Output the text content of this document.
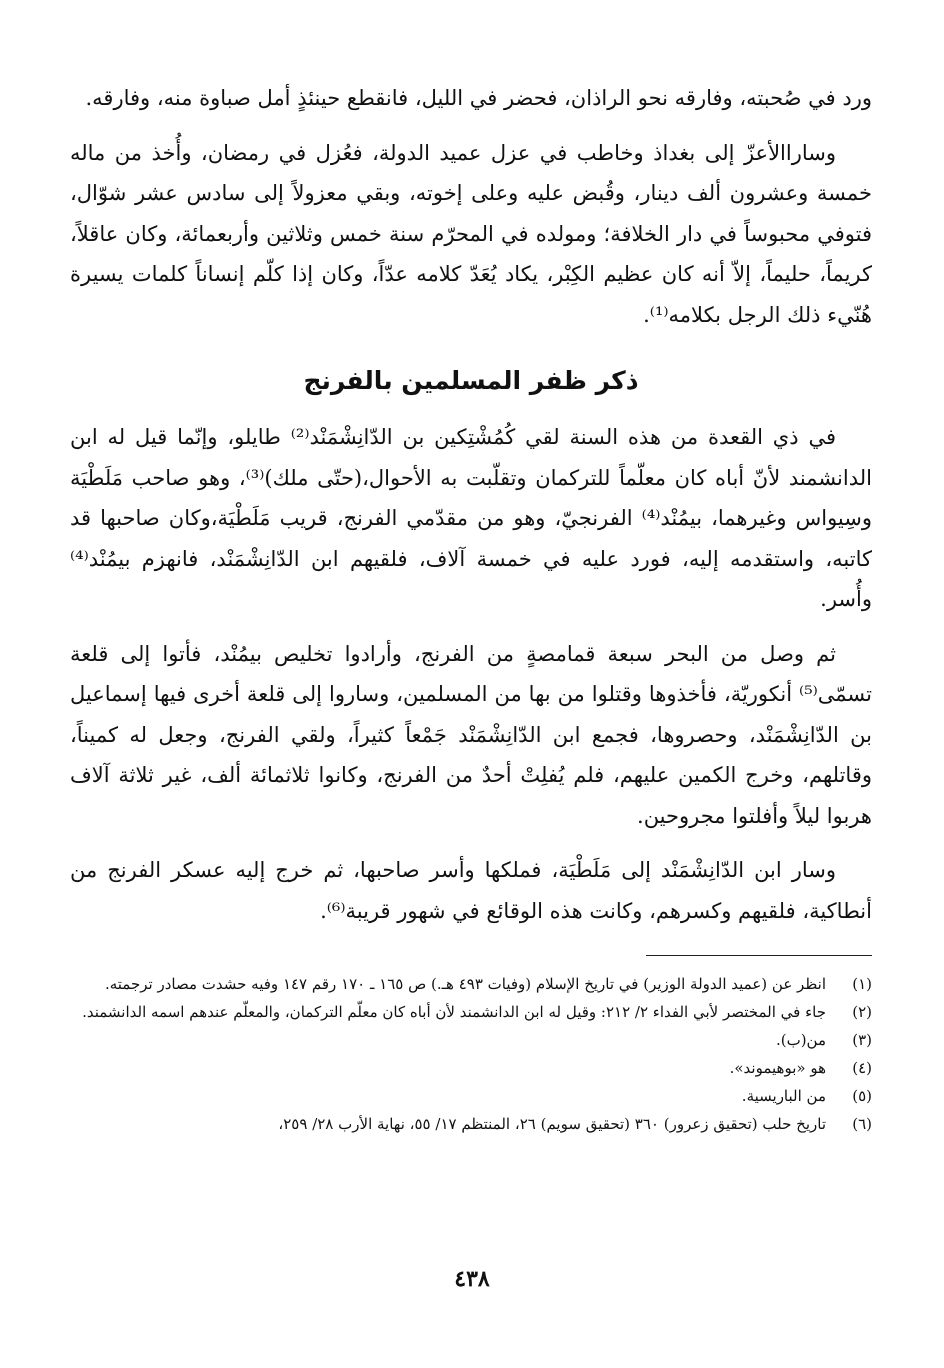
ورد في صُحبته، وفارقه نحو الراذان، فحضر في الليل، فانقطع حينئذٍ أمل صباوة منه، وفارقه.

وساراالأعزّ إلى بغداذ وخاطب في عزل عميد الدولة، فعُزل في رمضان، وأُخذ من ماله خمسة وعشرون ألف دينار، وقُبض عليه وعلى إخوته، وبقي معزولاً إلى سادس عشر شوّال، فتوفي محبوساً في دار الخلافة؛ ومولده في المحرّم سنة خمس وثلاثين وأربعمائة، وكان عاقلاً، كريماً، حليماً، إلاّ أنه كان عظيم الكِبْر، يكاد يُعَدّ كلامه عدّاً، وكان إذا كلّم إنساناً كلمات يسيرة هُنّيء ذلك الرجل بكلامه⁽¹⁾.

ذكر ظفر المسلمين بالفرنج

في ذي القعدة من هذه السنة لقي كُمُشْتِكين بن الدّانِشْمَنْد⁽²⁾ طايلو، وإنّما قيل له ابن الدانشمند لأنّ أباه كان معلّماً للتركمان وتقلّبت به الأحوال،(حتّى ملك)⁽³⁾، وهو صاحب مَلَطْيَة وسِيواس وغيرهما، بيمُنْد⁽⁴⁾ الفرنجيّ، وهو من مقدّمي الفرنج، قريب مَلَطْيَة،وكان صاحبها قد كاتبه، واستقدمه إليه، فورد عليه في خمسة آلاف، فلقيهم ابن الدّانِشْمَنْد، فانهزم بيمُنْد⁽⁴⁾ وأُسر.

ثم وصل من البحر سبعة قمامصةٍ من الفرنج، وأرادوا تخليص بيمُنْد، فأتوا إلى قلعة تسمّى⁽⁵⁾ أنكوريّة، فأخذوها وقتلوا من بها من المسلمين، وساروا إلى قلعة أخرى فيها إسماعيل بن الدّانِشْمَنْد، وحصروها، فجمع ابن الدّانِشْمَنْد جَمْعاً كثيراً، ولقي الفرنج، وجعل له كميناً، وقاتلهم، وخرج الكمين عليهم، فلم يُفلِتْ أحدٌ من الفرنج، وكانوا ثلاثمائة ألف، غير ثلاثة آلاف هربوا ليلاً وأفلتوا مجروحين.

وسار ابن الدّانِشْمَنْد إلى مَلَطْيَة، فملكها وأسر صاحبها، ثم خرج إليه عسكر الفرنج من أنطاكية، فلقيهم وكسرهم، وكانت هذه الوقائع في شهور قريبة⁽⁶⁾.

(١)
انظر عن (عميد الدولة الوزير) في تاريخ الإسلام (وفيات ٤٩٣ هـ.) ص ١٦٥ ـ ١٧٠ رقم ١٤٧ وفيه حشدت مصادر ترجمته.
(٢)
جاء في المختصر لأبي الفداء ٢/ ٢١٢: وقيل له ابن الدانشمند لأن أباه كان معلّم التركمان، والمعلّم عندهم اسمه الدانشمند.
(٣)
من(ب).
(٤)
هو «بوهيموند».
(٥)
من الباريسية.
(٦)
تاريخ حلب (تحقيق زعرور) ٣٦٠ (تحقيق سويم) ٢٦، المنتظم ١٧/ ٥٥، نهاية الأرب ٢٨/ ٢٥٩،
٤٣٨
